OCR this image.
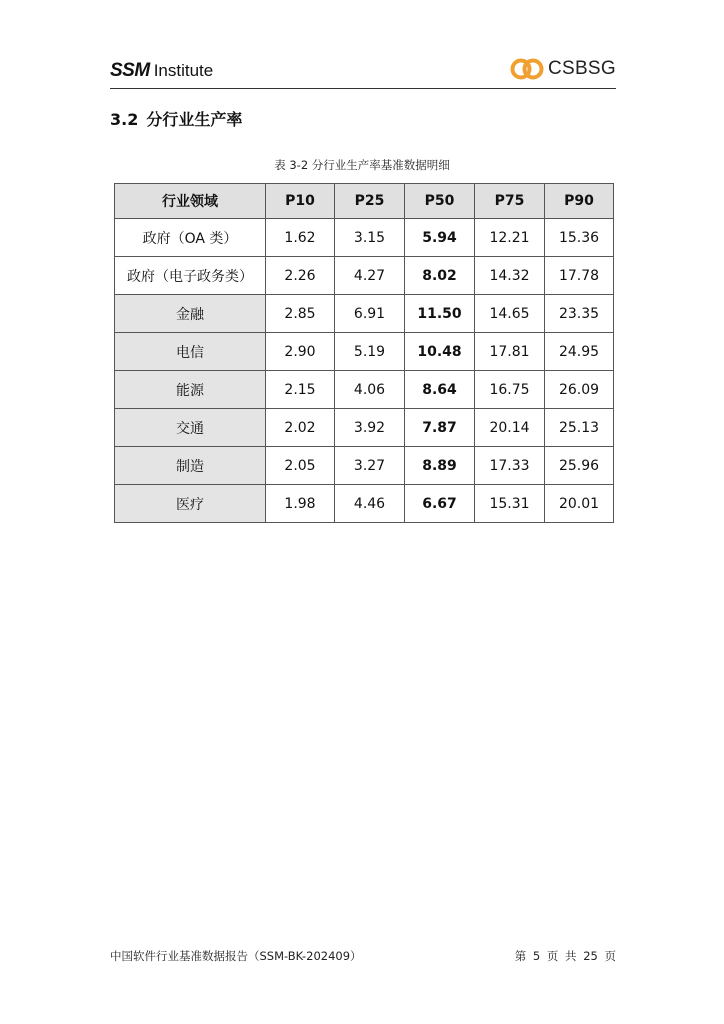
SSM Institute	CSBSG
3.2 分行业生产率
表 3-2 分行业生产率基准数据明细
行业领域	P10	P25	P50	P75	P90
政府（OA 类）	1.62	3.15	5.94	12.21	15.36
政府（电子政务类）	2.26	4.27	8.02	14.32	17.78
金融	2.85	6.91	11.50	14.65	23.35
电信	2.90	5.19	10.48	17.81	24.95
能源	2.15	4.06	8.64	16.75	26.09
交通	2.02	3.92	7.87	20.14	25.13
制造	2.05	3.27	8.89	17.33	25.96
医疗	1.98	4.46	6.67	15.31	20.01
中国软件行业基准数据报告（SSM-BK-202409）	第 5 页 共 25 页
